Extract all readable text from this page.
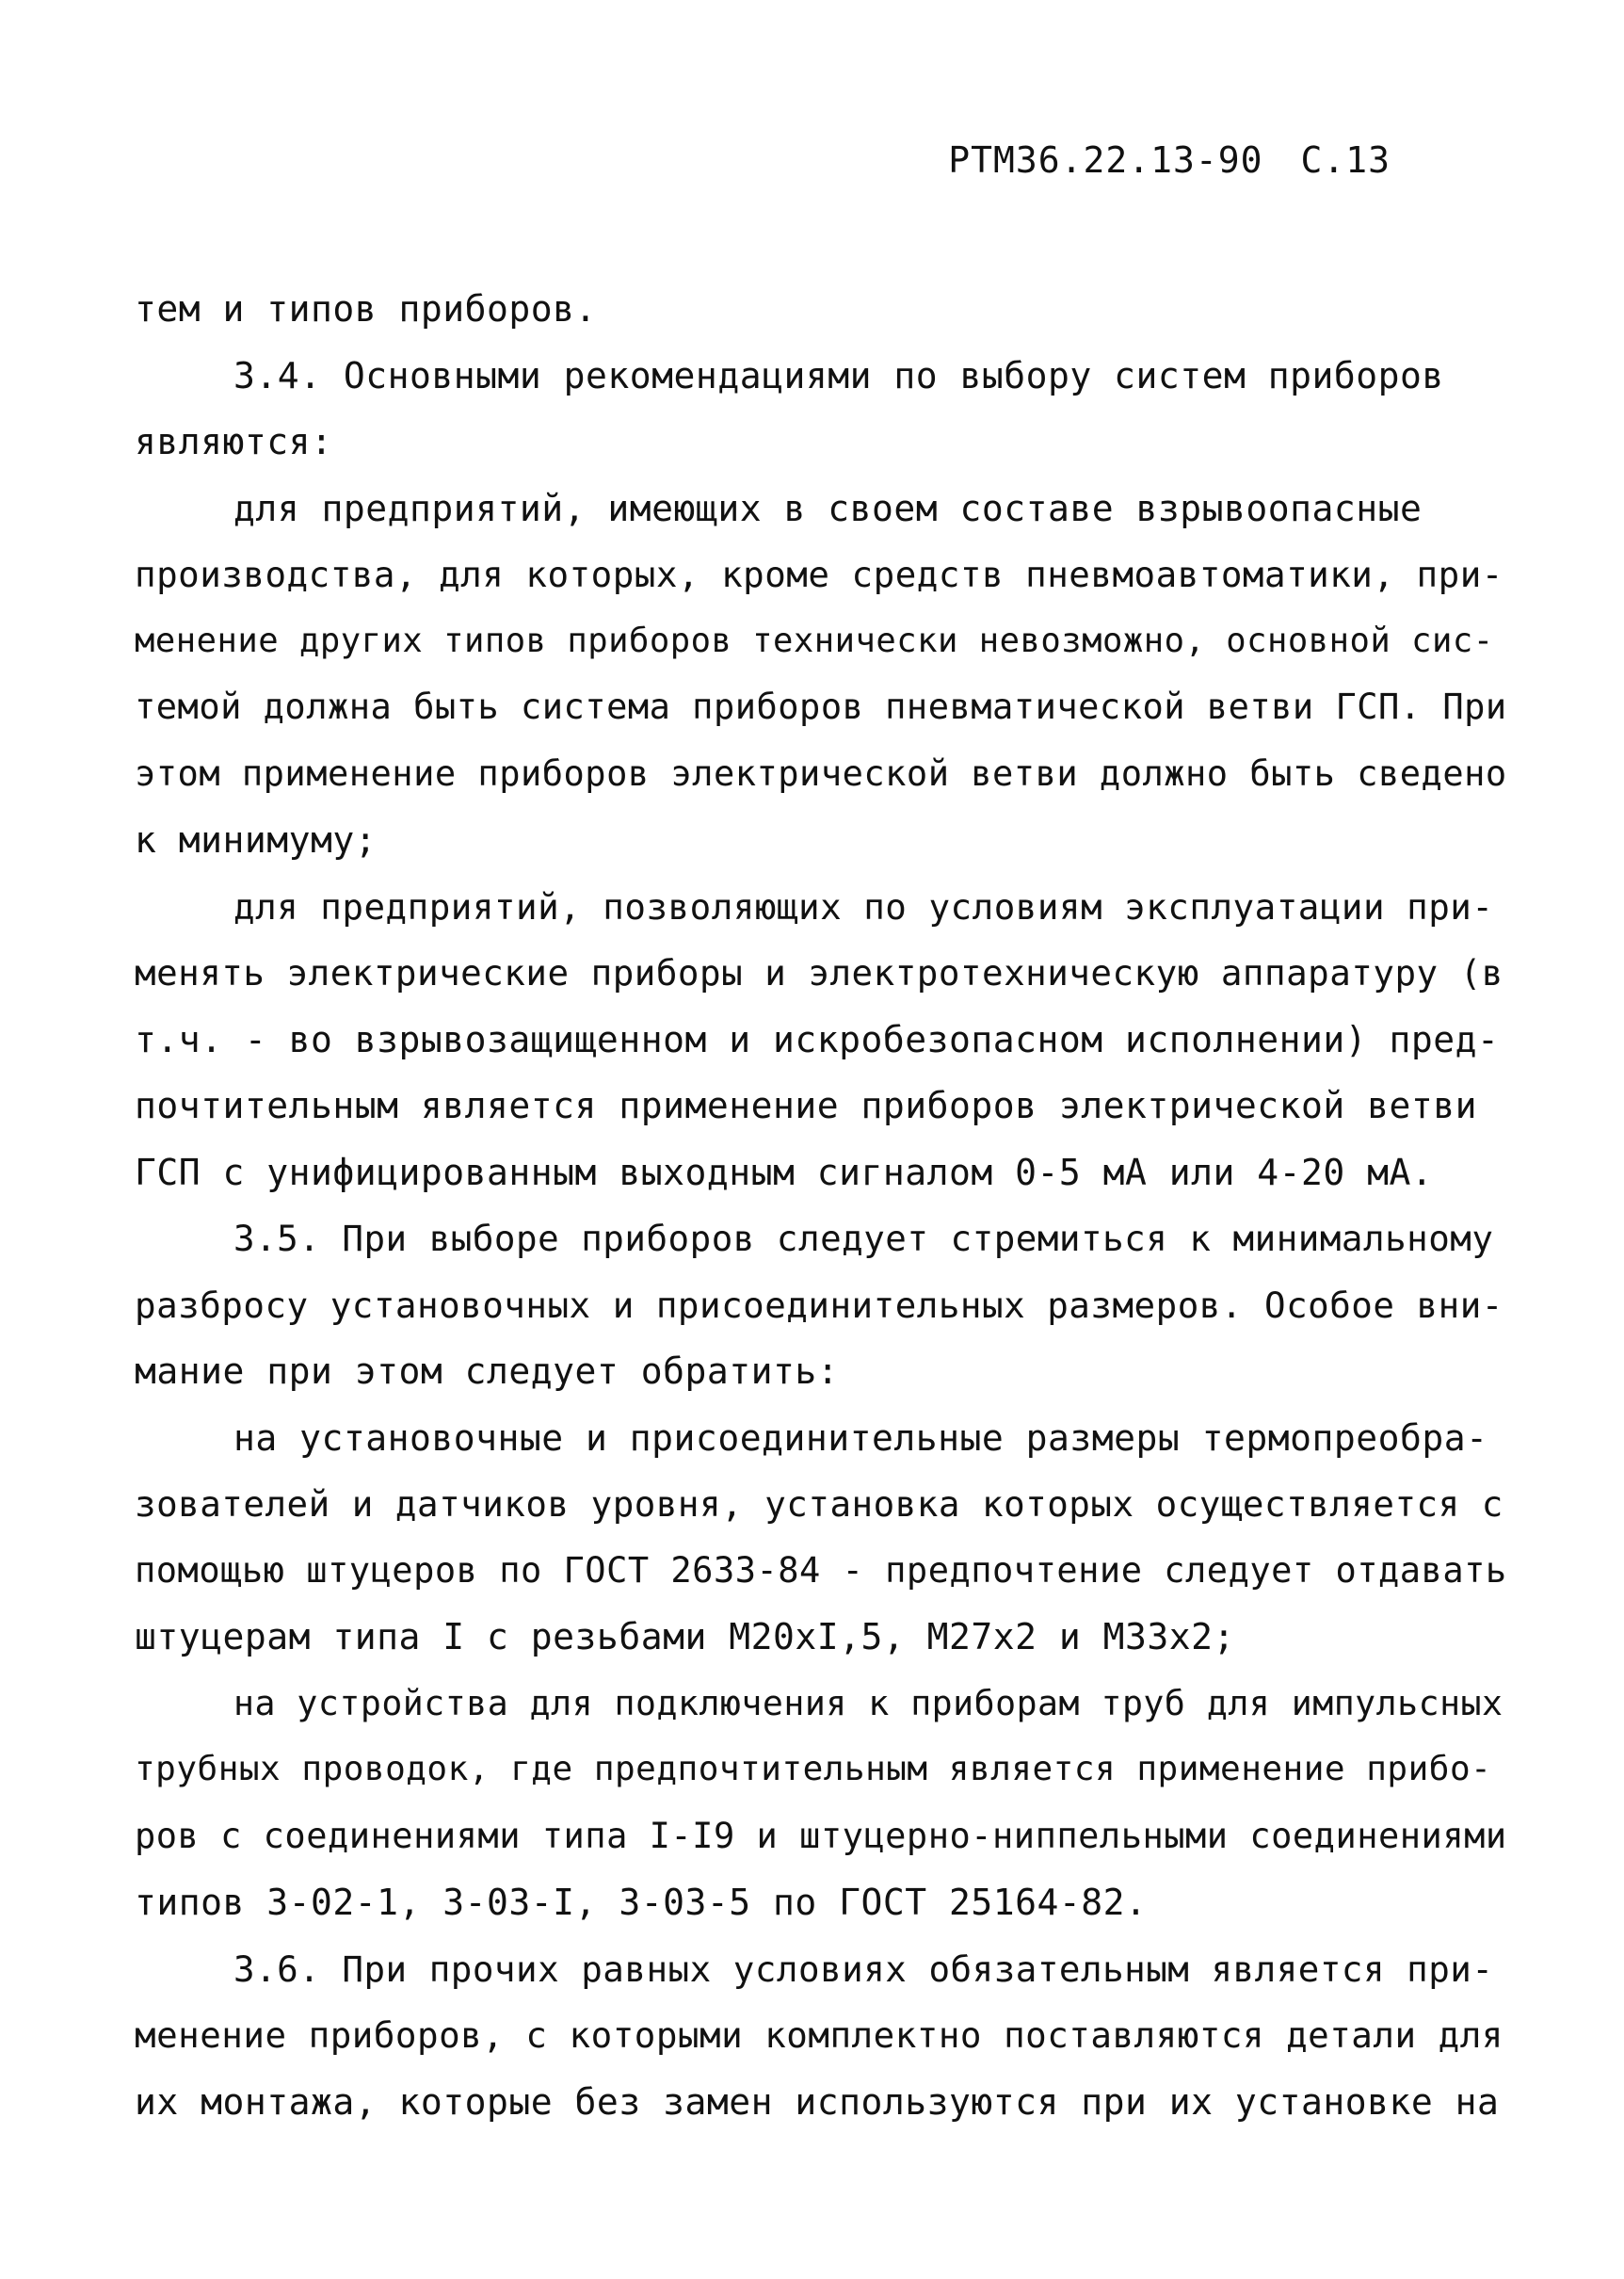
РТМ36.22.13-90 С.13
тем и типов приборов.
3.4. Основными рекомендациями по выбору систем приборов
являются:
для предприятий, имеющих в своем составе взрывоопасные
производства, для которых, кроме средств пневмоавтоматики, при-
менение других типов приборов технически невозможно, основной сис-
темой должна быть система приборов пневматической ветви ГСП. При
этом применение приборов электрической ветви должно быть сведено
к минимуму;
для предприятий, позволяющих по условиям эксплуатации при-
менять электрические приборы и электротехническую аппаратуру (в
т.ч. - во взрывозащищенном и искробезопасном исполнении) пред-
почтительным является применение приборов электрической ветви
ГСП с унифицированным выходным сигналом 0-5 мА или 4-20 мА.
3.5. При выборе приборов следует стремиться к минимальному
разбросу установочных и присоединительных размеров. Особое вни-
мание при этом следует обратить:
на установочные и присоединительные размеры термопреобра-
зователей и датчиков уровня, установка которых осуществляется с
помощью штуцеров по ГОСТ 2633-84 - предпочтение следует отдавать
штуцерам типа I с резьбами М20хI,5, М27х2 и М33х2;
на устройства для подключения к приборам труб для импульсных
трубных проводок, где предпочтительным является применение прибо-
ров с соединениями типа I-I9 и штуцерно-ниппельными соединениями
типов 3-02-1, 3-03-I, 3-03-5 по ГОСТ 25164-82.
3.6. При прочих равных условиях обязательным является при-
менение приборов, с которыми комплектно поставляются детали для
их монтажа, которые без замен используются при их установке на
